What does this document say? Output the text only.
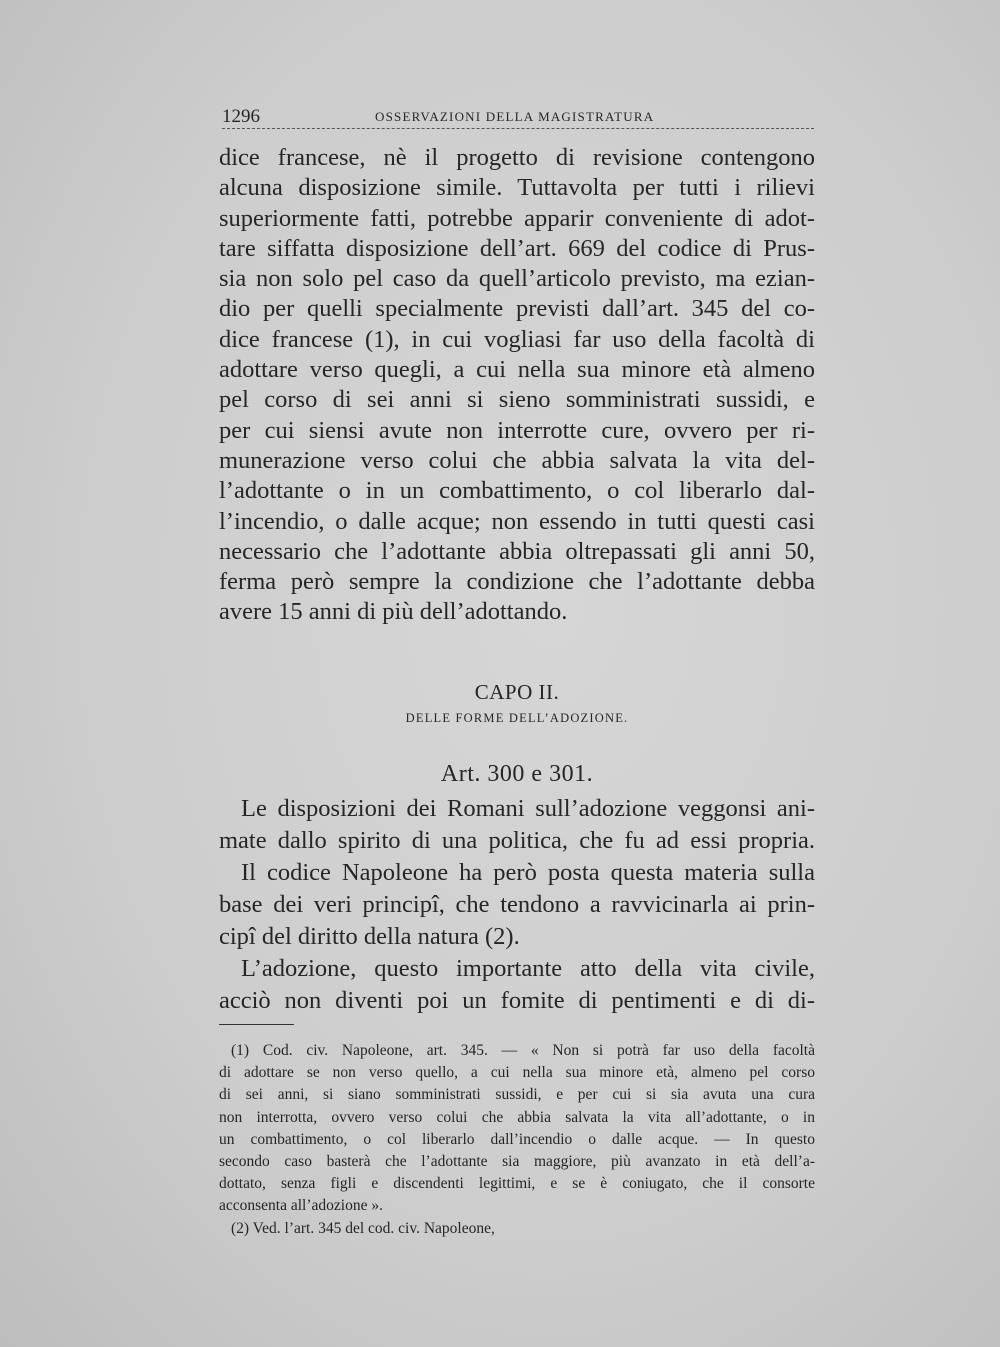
1296	OSSERVAZIONI DELLA MAGISTRATURA
dice francese, nè il progetto di revisione contengono
alcuna disposizione simile. Tuttavolta per tutti i rilievi
superiormente fatti, potrebbe apparir conveniente di adot-
tare siffatta disposizione dell’art. 669 del codice di Prus-
sia non solo pel caso da quell’articolo previsto, ma ezian-
dio per quelli specialmente previsti dall’art. 345 del co-
dice francese (1), in cui vogliasi far uso della facoltà di
adottare verso quegli, a cui nella sua minore età almeno
pel corso di sei anni si sieno somministrati sussidi, e
per cui siensi avute non interrotte cure, ovvero per ri-
munerazione verso colui che abbia salvata la vita del-
l’adottante o in un combattimento, o col liberarlo dal-
l’incendio, o dalle acque; non essendo in tutti questi casi
necessario che l’adottante abbia oltrepassati gli anni 50,
ferma però sempre la condizione che l’adottante debba
avere 15 anni di più dell’adottando.
CAPO II.
DELLE FORME DELL’ADOZIONE.
Art. 300 e 301.
Le disposizioni dei Romani sull’adozione veggonsi ani-
mate dallo spirito di una politica, che fu ad essi propria.
Il codice Napoleone ha però posta questa materia sulla
base dei veri principî, che tendono a ravvicinarla ai prin-
cipî del diritto della natura (2).
L’adozione, questo importante atto della vita civile,
acciò non diventi poi un fomite di pentimenti e di di-
(1) Cod. civ. Napoleone, art. 345. — « Non si potrà far uso della facoltà
di adottare se non verso quello, a cui nella sua minore età, almeno pel corso
di sei anni, si siano somministrati sussidi, e per cui si sia avuta una cura
non interrotta, ovvero verso colui che abbia salvata la vita all’adottante, o in
un combattimento, o col liberarlo dall’incendio o dalle acque. — In questo
secondo caso basterà che l’adottante sia maggiore, più avanzato in età dell’a-
dottato, senza figli e discendenti legittimi, e se è coniugato, che il consorte
acconsenta all’adozione ».
(2) Ved. l’art. 345 del cod. civ. Napoleone,
